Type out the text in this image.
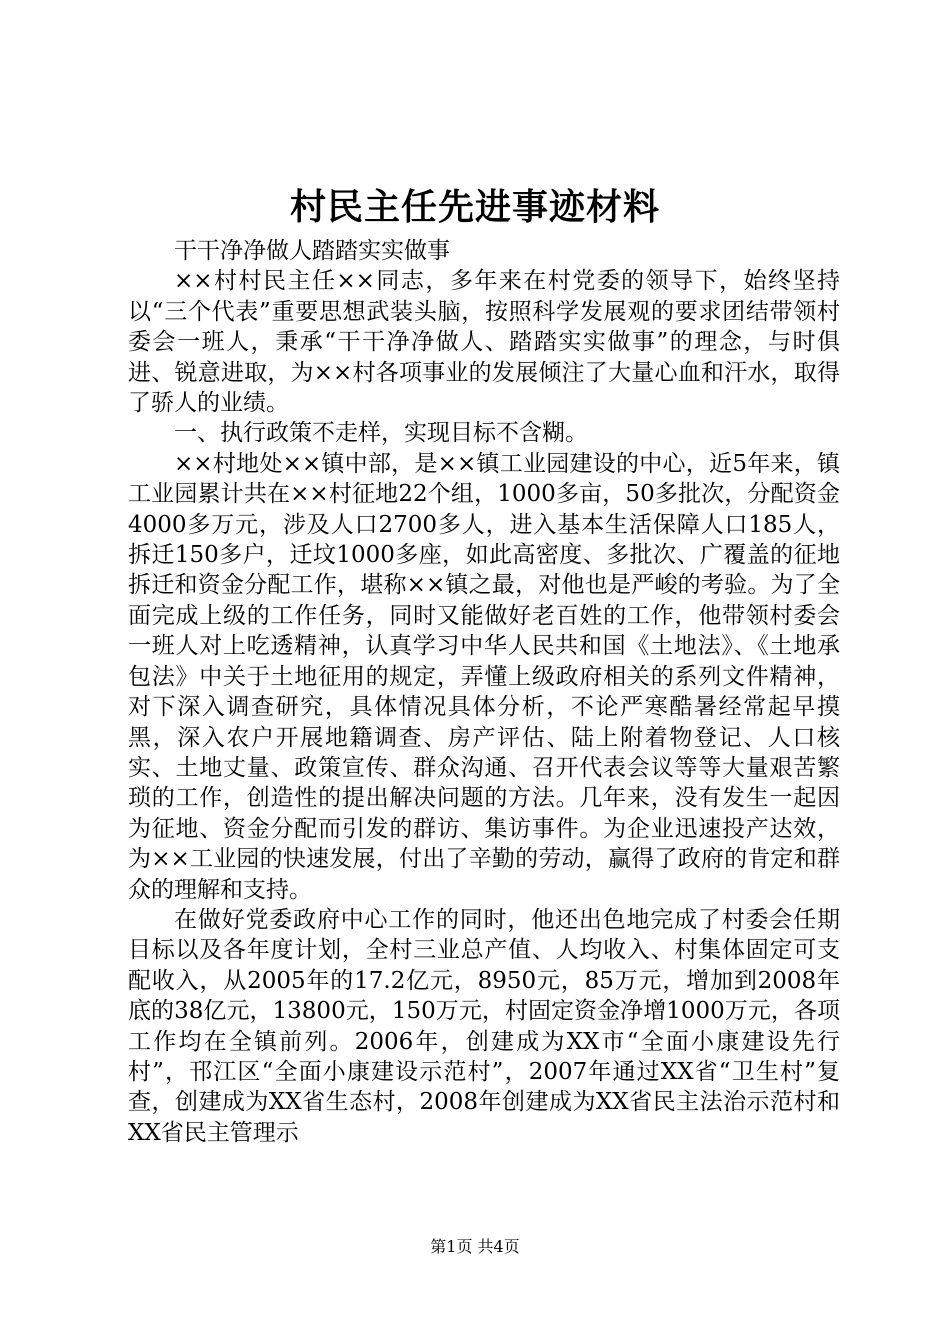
村民主任先进事迹材料

干干净净做人踏踏实实做事

××村村民主任××同志，多年来在村党委的领导下，始终坚持以“三个代表”重要思想武装头脑，按照科学发展观的要求团结带领村委会一班人，秉承“干干净净做人、踏踏实实做事”的理念，与时俱进、锐意进取，为××村各项事业的发展倾注了大量心血和汗水，取得了骄人的业绩。

一、执行政策不走样，实现目标不含糊。

××村地处××镇中部，是××镇工业园建设的中心，近5年来，镇工业园累计共在××村征地22个组，1000多亩，50多批次，分配资金4000多万元，涉及人口2700多人，进入基本生活保障人口185人，拆迁150多户，迁坟1000多座，如此高密度、多批次、广覆盖的征地拆迁和资金分配工作，堪称××镇之最，对他也是严峻的考验。为了全面完成上级的工作任务，同时又能做好老百姓的工作，他带领村委会一班人对上吃透精神，认真学习中华人民共和国《土地法》、《土地承包法》中关于土地征用的规定，弄懂上级政府相关的系列文件精神，对下深入调查研究，具体情况具体分析，不论严寒酷暑经常起早摸黑，深入农户开展地籍调查、房产评估、陆上附着物登记、人口核实、土地丈量、政策宣传、群众沟通、召开代表会议等等大量艰苦繁琐的工作，创造性的提出解决问题的方法。几年来，没有发生一起因为征地、资金分配而引发的群访、集访事件。为企业迅速投产达效，为××工业园的快速发展，付出了辛勤的劳动，赢得了政府的肯定和群众的理解和支持。

在做好党委政府中心工作的同时，他还出色地完成了村委会任期目标以及各年度计划，全村三业总产值、人均收入、村集体固定可支配收入，从2005年的17.2亿元，8950元，85万元，增加到2008年底的38亿元，13800元，150万元，村固定资金净增1000万元，各项工作均在全镇前列。2006年，创建成为XX市“全面小康建设先行村”，邗江区“全面小康建设示范村”，2007年通过XX省“卫生村”复查，创建成为XX省生态村，2008年创建成为XX省民主法治示范村和XX省民主管理示

第1页 共4页
